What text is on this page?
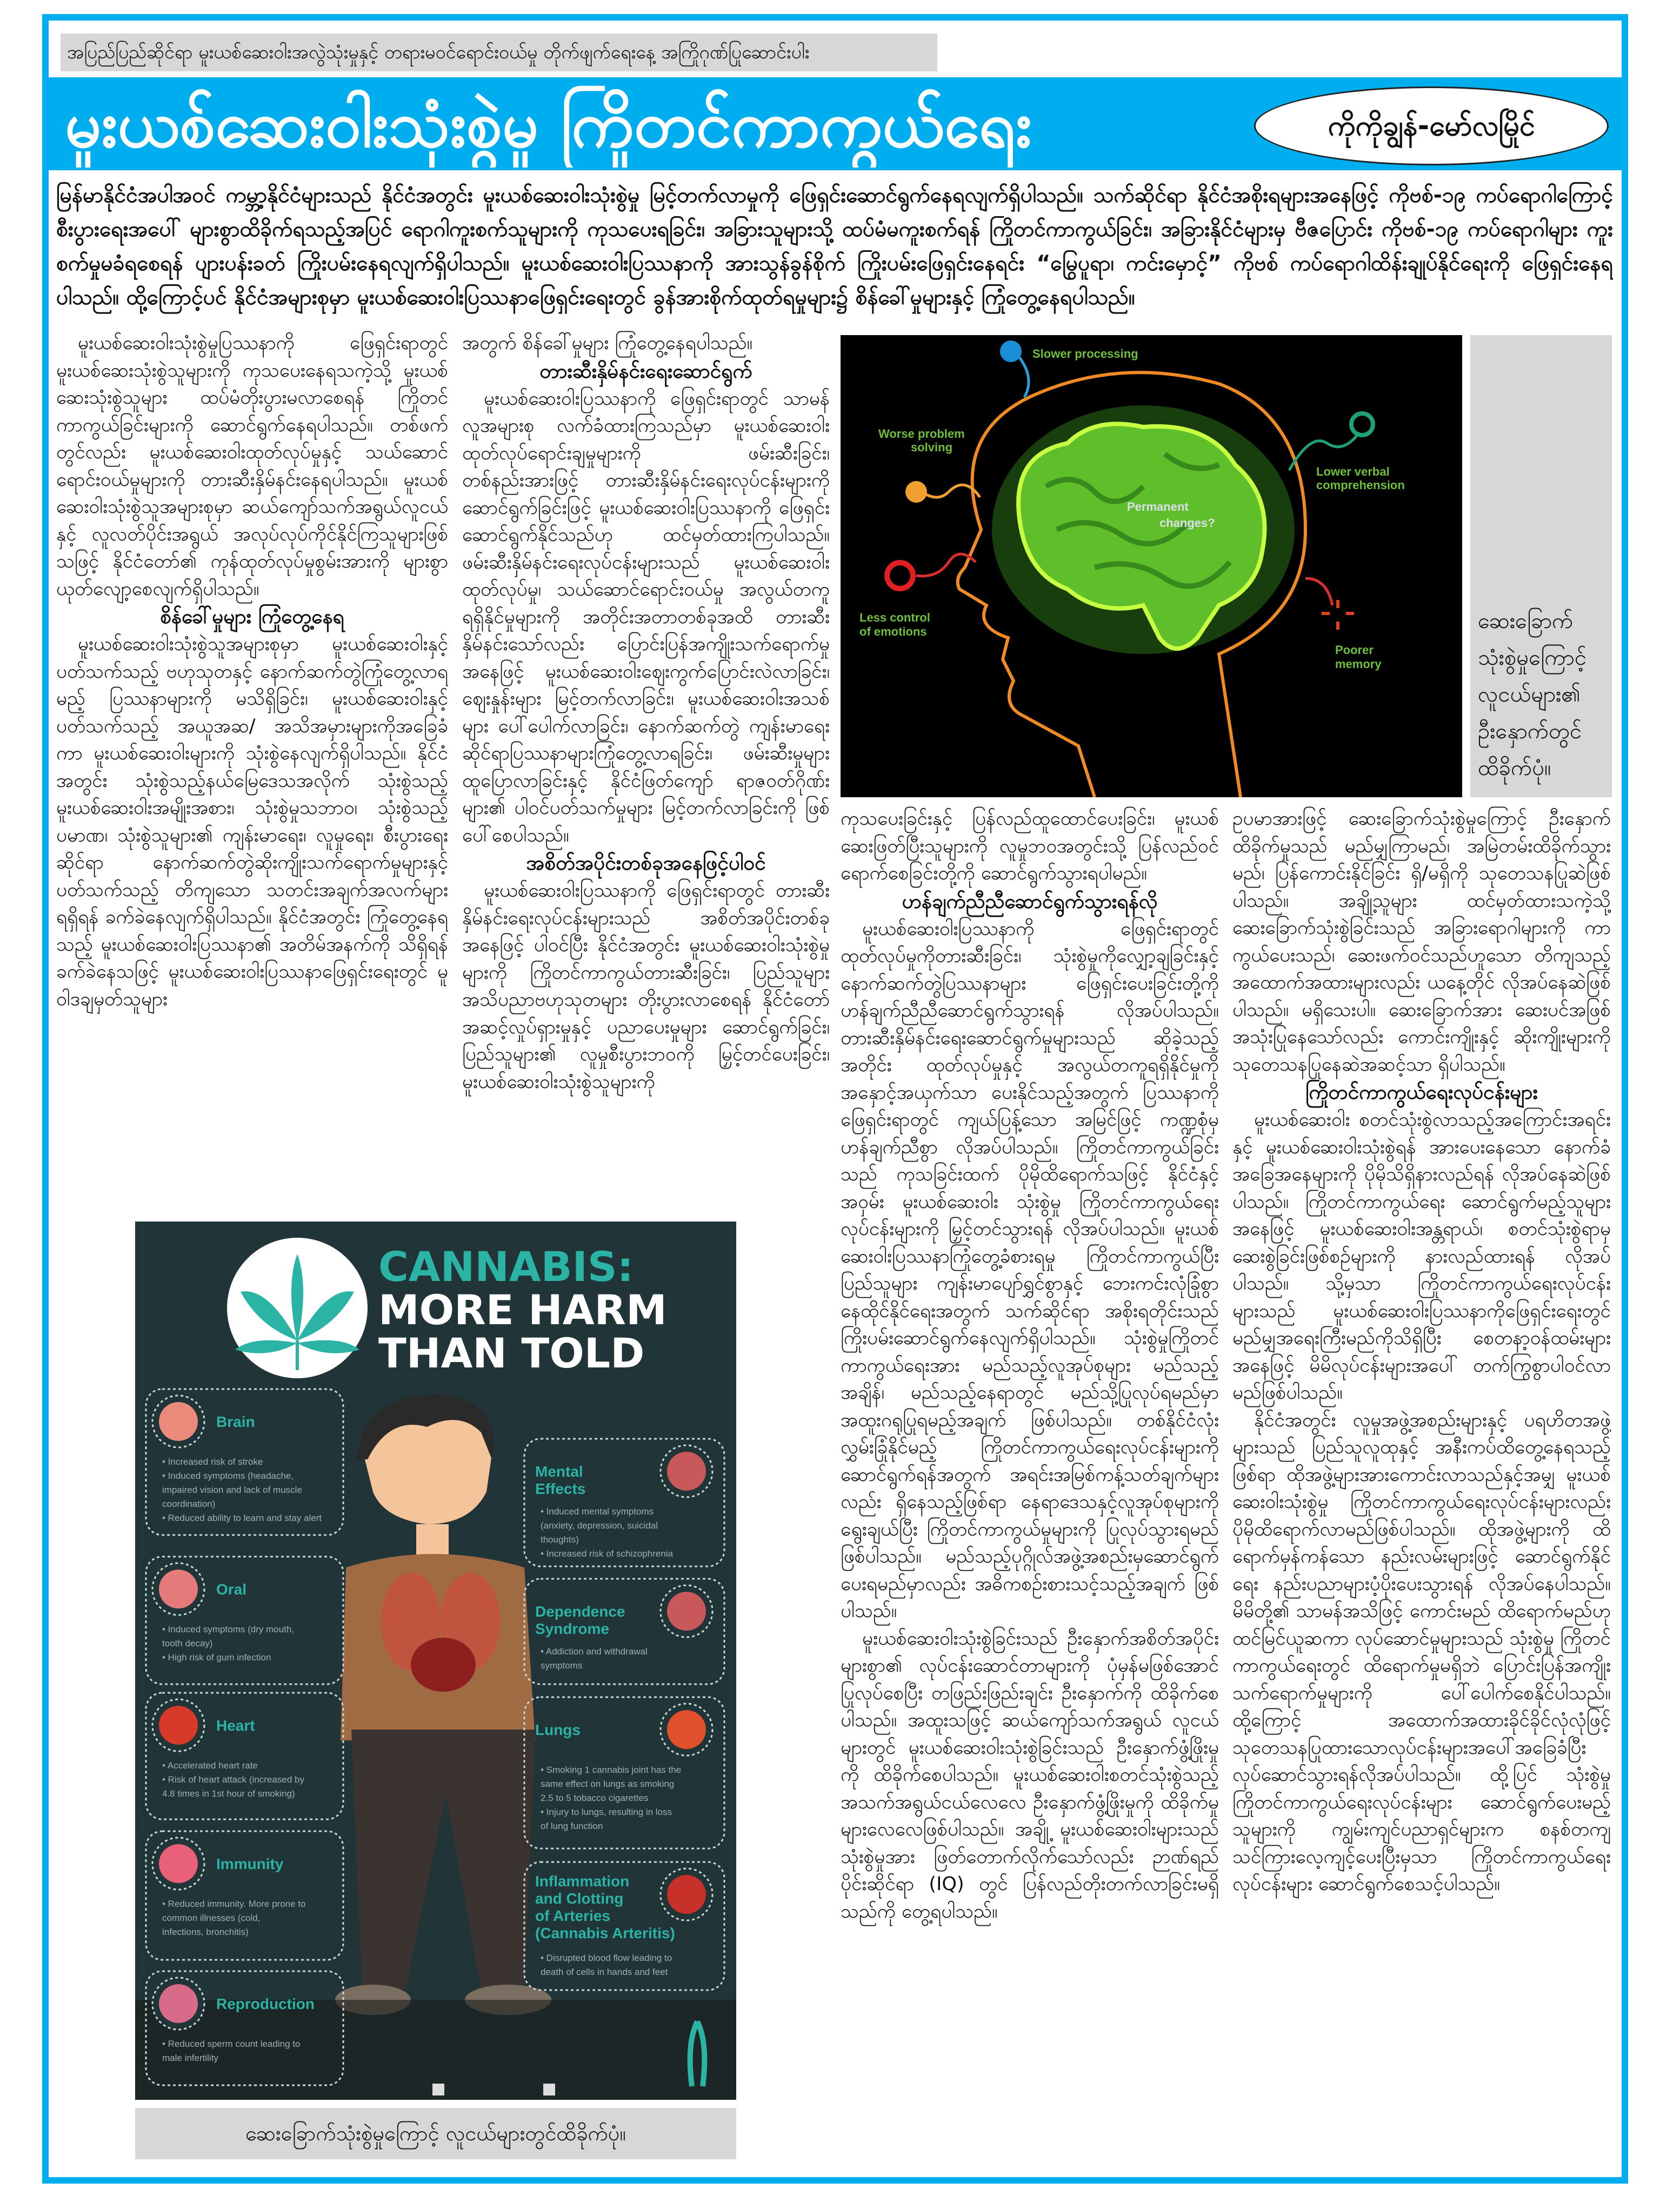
အပြည်ပြည်ဆိုင်ရာ မူးယစ်ဆေးဝါးအလွဲသုံးမှုနှင့် တရားမဝင်ရောင်းဝယ်မှု တိုက်ဖျက်ရေးနေ့ အကြိုဂုဏ်ပြုဆောင်းပါး
မူးယစ်ဆေးဝါးသုံးစွဲမှု ကြိုတင်ကာကွယ်ရေး	ကိုကိုချွန်-မော်လမြိုင်
မြန်မာနိုင်ငံအပါအဝင် ကမ္ဘာ့နိုင်ငံများသည် နိုင်ငံအတွင်း မူးယစ်ဆေးဝါးသုံးစွဲမှု မြင့်တက်လာမှုကို ဖြေရှင်းဆောင်ရွက်နေရလျက်ရှိပါသည်။ သက်ဆိုင်ရာ နိုင်ငံအစိုးရများအနေဖြင့် ကိုဗစ်-၁၉ ကပ်ရောဂါကြောင့် စီးပွားရေးအပေါ် များစွာထိခိုက်ရသည့်အပြင် ရောဂါကူးစက်သူများကို ကုသပေးရခြင်း၊ အခြားသူများသို့ ထပ်မံမကူးစက်ရန် ကြိုတင်ကာကွယ်ခြင်း၊ အခြားနိုင်ငံများမှ ဗီဇပြောင်း ကိုဗစ်-၁၉ ကပ်ရောဂါများ ကူးစက်မှုမခံရစေရန် ပျားပန်းခတ် ကြိုးပမ်းနေရလျက်ရှိပါသည်။ မူးယစ်ဆေးဝါးပြဿနာကို အားသွန်ခွန်စိုက် ကြိုးပမ်းဖြေရှင်းနေရင်း “မြွေပူရာ၊ ကင်းမှောင့်” ကိုဗစ် ကပ်ရောဂါထိန်းချုပ်နိုင်ရေးကို ဖြေရှင်းနေရပါသည်။ ထို့ကြောင့်ပင် နိုင်ငံအများစုမှာ မူးယစ်ဆေးဝါးပြဿနာဖြေရှင်းရေးတွင် ခွန်အားစိုက်ထုတ်ရမှုများ၌ စိန်ခေါ်မှုများနှင့် ကြုံတွေ့နေရပါသည်။

မူးယစ်ဆေးဝါးသုံးစွဲမှုပြဿနာကို ဖြေရှင်းရာတွင် မူးယစ်ဆေးသုံးစွဲသူများကို ကုသပေးနေရသကဲ့သို့ မူးယစ်ဆေးသုံးစွဲသူများ ထပ်မံတိုးပွားမလာစေရန် ကြိုတင်ကာကွယ်ခြင်းများကို ဆောင်ရွက်နေရပါသည်။ တစ်ဖက်တွင်လည်း မူးယစ်ဆေးဝါးထုတ်လုပ်မှုနှင့် သယ်ဆောင်ရောင်းဝယ်မှုများကို တားဆီးနှိမ်နင်းနေရပါသည်။ မူးယစ်ဆေးဝါးသုံးစွဲသူအများစုမှာ ဆယ်ကျော်သက်အရွယ်လူငယ်နှင့် လူလတ်ပိုင်းအရွယ် အလုပ်လုပ်ကိုင်နိုင်ကြသူများဖြစ်သဖြင့် နိုင်ငံတော်၏ ကုန်ထုတ်လုပ်မှုစွမ်းအားကို များစွာယုတ်လျော့စေလျက်ရှိပါသည်။

စိန်ခေါ်မှုများ ကြုံတွေ့နေရ

မူးယစ်ဆေးဝါးသုံးစွဲသူအများစုမှာ မူးယစ်ဆေးဝါးနှင့်ပတ်သက်သည့် ဗဟုသုတနှင့် နောက်ဆက်တွဲကြုံတွေ့လာရမည့် ပြဿနာများကို မသိရှိခြင်း၊ မူးယစ်ဆေးဝါးနှင့်ပတ်သက်သည့် အယူအဆ/ အသိအမှားများကိုအခြေခံကာ မူးယစ်ဆေးဝါးများကို သုံးစွဲနေလျက်ရှိပါသည်။ နိုင်ငံအတွင်း သုံးစွဲသည့်နယ်မြေဒေသအလိုက် သုံးစွဲသည့်မူးယစ်ဆေးဝါးအမျိုးအစား၊ သုံးစွဲမှုသဘာဝ၊ သုံးစွဲသည့်ပမာဏ၊ သုံးစွဲသူများ၏ ကျန်းမာရေး၊ လူမှုရေး၊ စီးပွားရေးဆိုင်ရာ နောက်ဆက်တွဲဆိုးကျိုးသက်ရောက်မှုများနှင့် ပတ်သက်သည့် တိကျသော သတင်းအချက်အလက်များရရှိရန် ခက်ခဲနေလျက်ရှိပါသည်။ နိုင်ငံအတွင်း ကြုံတွေ့နေရသည့် မူးယစ်ဆေးဝါးပြဿနာ၏ အတိမ်အနက်ကို သိရှိရန် ခက်ခဲနေသဖြင့် မူးယစ်ဆေးဝါးပြဿနာဖြေရှင်းရေးတွင် မူဝါဒချမှတ်သူများ

အတွက် စိန်ခေါ်မှုများ ကြုံတွေ့နေရပါသည်။

တားဆီးနှိမ်နင်းရေးဆောင်ရွက်

မူးယစ်ဆေးဝါးပြဿနာကို ဖြေရှင်းရာတွင် သာမန်လူအများစု လက်ခံထားကြသည်မှာ မူးယစ်ဆေးဝါးထုတ်လုပ်ရောင်းချမှုများကို ဖမ်းဆီးခြင်း၊ တစ်နည်းအားဖြင့် တားဆီးနှိမ်နင်းရေးလုပ်ငန်းများကို ဆောင်ရွက်ခြင်းဖြင့် မူးယစ်ဆေးဝါးပြဿနာကို ဖြေရှင်းဆောင်ရွက်နိုင်သည်ဟု ထင်မှတ်ထားကြပါသည်။ ဖမ်းဆီးနှိမ်နင်းရေးလုပ်ငန်းများသည် မူးယစ်ဆေးဝါးထုတ်လုပ်မှု၊ သယ်ဆောင်ရောင်းဝယ်မှု အလွယ်တကူရရှိနိုင်မှုများကို အတိုင်းအတာတစ်ခုအထိ တားဆီးနှိမ်နင်းသော်လည်း ပြောင်းပြန်အကျိုးသက်ရောက်မှုအနေဖြင့် မူးယစ်ဆေးဝါးဈေးကွက်ပြောင်းလဲလာခြင်း၊ ဈေးနှုန်းများ မြင့်တက်လာခြင်း၊ မူးယစ်ဆေးဝါးအသစ်များ ပေါ်ပေါက်လာခြင်း၊ နောက်ဆက်တွဲ ကျန်းမာရေးဆိုင်ရာပြဿနာများကြုံတွေ့လာရခြင်း၊ ဖမ်းဆီးမှုများထူပြောလာခြင်းနှင့် နိုင်ငံဖြတ်ကျော် ရာဇဝတ်ဂိုဏ်းများ၏ ပါဝင်ပတ်သက်မှုများ မြင့်တက်လာခြင်းကို ဖြစ်ပေါ်စေပါသည်။

အစိတ်အပိုင်းတစ်ခုအနေဖြင့်ပါဝင်

မူးယစ်ဆေးဝါးပြဿနာကို ဖြေရှင်းရာတွင် တားဆီးနှိမ်နင်းရေးလုပ်ငန်းများသည် အစိတ်အပိုင်းတစ်ခုအနေဖြင့် ပါဝင်ပြီး နိုင်ငံအတွင်း မူးယစ်ဆေးဝါးသုံးစွဲမှုများကို ကြိုတင်ကာကွယ်တားဆီးခြင်း၊ ပြည်သူများအသိပညာဗဟုသုတများ တိုးပွားလာစေရန် နိုင်ငံတော်အဆင့်လှုပ်ရှားမှုနှင့် ပညာပေးမှုများ ဆောင်ရွက်ခြင်း၊ ပြည်သူများ၏ လူမှုစီးပွားဘဝကို မြှင့်တင်ပေးခြင်း၊ မူးယစ်ဆေးဝါးသုံးစွဲသူများကို

ကုသပေးခြင်းနှင့် ပြန်လည်ထူထောင်ပေးခြင်း၊ မူးယစ်ဆေးဖြတ်ပြီးသူများကို လူမှုဘဝအတွင်းသို့ ပြန်လည်ဝင်ရောက်စေခြင်းတို့ကို ဆောင်ရွက်သွားရပါမည်။

ဟန်ချက်ညီညီဆောင်ရွက်သွားရန်လို

မူးယစ်ဆေးဝါးပြဿနာကို ဖြေရှင်းရာတွင် ထုတ်လုပ်မှုကိုတားဆီးခြင်း၊ သုံးစွဲမှုကိုလျှော့ချခြင်းနှင့် နောက်ဆက်တွဲပြဿနာများ ဖြေရှင်းပေးခြင်းတို့ကို ဟန်ချက်ညီညီဆောင်ရွက်သွားရန် လိုအပ်ပါသည်။ တားဆီးနှိမ်နင်းရေးဆောင်ရွက်မှုများသည် ဆိုခဲ့သည့်အတိုင်း ထုတ်လုပ်မှုနှင့် အလွယ်တကူရရှိနိုင်မှုကို အနှောင့်အယှက်သာ ပေးနိုင်သည့်အတွက် ပြဿနာကိုဖြေရှင်းရာတွင် ကျယ်ပြန့်သော အမြင်ဖြင့် ကဏ္ဍစုံမှ ဟန်ချက်ညီစွာ လိုအပ်ပါသည်။ ကြိုတင်ကာကွယ်ခြင်းသည် ကုသခြင်းထက် ပိုမိုထိရောက်သဖြင့် နိုင်ငံနှင့်အဝှမ်း မူးယစ်ဆေးဝါး သုံးစွဲမှု ကြိုတင်ကာကွယ်ရေးလုပ်ငန်းများကို မြှင့်တင်သွားရန် လိုအပ်ပါသည်။ မူးယစ်ဆေးဝါးပြဿနာကြုံတွေ့ခံစားရမှု ကြိုတင်ကာကွယ်ပြီး ပြည်သူများ ကျန်းမာပျော်ရွှင်စွာနှင့် ဘေးကင်းလုံခြုံစွာနေထိုင်နိုင်ရေးအတွက် သက်ဆိုင်ရာ အစိုးရတိုင်းသည် ကြိုးပမ်းဆောင်ရွက်နေလျက်ရှိပါသည်။ သုံးစွဲမှုကြိုတင်ကာကွယ်ရေးအား မည်သည့်လူအုပ်စုများ မည်သည့်အချိန်၊ မည်သည့်နေရာတွင် မည်သို့ပြုလုပ်ရမည်မှာ အထူးဂရုပြုရမည့်အချက် ဖြစ်ပါသည်။ တစ်နိုင်ငံလုံး လွှမ်းခြုံနိုင်မည့် ကြိုတင်ကာကွယ်ရေးလုပ်ငန်းများကို ဆောင်ရွက်ရန်အတွက် အရင်းအမြစ်ကန့်သတ်ချက်များလည်း ရှိနေသည့်ဖြစ်ရာ နေရာဒေသနှင့်လူအုပ်စုများကို ရွေးချယ်ပြီး ကြိုတင်ကာကွယ်မှုများကို ပြုလုပ်သွားရမည် ဖြစ်ပါသည်။ မည်သည့်ပုဂ္ဂိုလ်အဖွဲ့အစည်းမှဆောင်ရွက်ပေးရမည်မှာလည်း အဓိကစဉ်းစားသင့်သည့်အချက် ဖြစ်ပါသည်။

မူးယစ်ဆေးဝါးသုံးစွဲခြင်းသည် ဦးနှောက်အစိတ်အပိုင်းများစွာ၏ လုပ်ငန်းဆောင်တာများကို ပုံမှန်မဖြစ်အောင် ပြုလုပ်စေပြီး တဖြည်းဖြည်းချင်း ဦးနှောက်ကို ထိခိုက်စေပါသည်။ အထူးသဖြင့် ဆယ်ကျော်သက်အရွယ် လူငယ်များတွင် မူးယစ်ဆေးဝါးသုံးစွဲခြင်းသည် ဦးနှောက်ဖွံ့ဖြိုးမှုကို ထိခိုက်စေပါသည်။ မူးယစ်ဆေးဝါးစတင်သုံးစွဲသည့် အသက်အရွယ်ငယ်လေလေ ဦးနှောက်ဖွံ့ဖြိုးမှုကို ထိခိုက်မှုများလေလေဖြစ်ပါသည်။ အချို့ မူးယစ်ဆေးဝါးများသည် သုံးစွဲမှုအား ဖြတ်တောက်လိုက်သော်လည်း ဉာဏ်ရည်ပိုင်းဆိုင်ရာ (IQ) တွင် ပြန်လည်တိုးတက်လာခြင်းမရှိသည်ကို တွေ့ရပါသည်။

ဥပမာအားဖြင့် ဆေးခြောက်သုံးစွဲမှုကြောင့် ဦးနှောက်ထိခိုက်မှုသည် မည်မျှကြာမည်၊ အမြဲတမ်းထိခိုက်သွားမည်၊ ပြန်ကောင်းနိုင်ခြင်း ရှိ/မရှိကို သုတေသနပြုဆဲဖြစ်ပါသည်။ အချို့သူများ ထင်မှတ်ထားသကဲ့သို့ ဆေးခြောက်သုံးစွဲခြင်းသည် အခြားရောဂါများကို ကာကွယ်ပေးသည်၊ ဆေးဖက်ဝင်သည်ဟူသော တိကျသည့်အထောက်အထားများလည်း ယနေ့တိုင် လိုအပ်နေဆဲဖြစ်ပါသည်။ မရှိသေးပါ။ ဆေးခြောက်အား ဆေးပင်အဖြစ်အသုံးပြုနေသော်လည်း ကောင်းကျိုးနှင့် ဆိုးကျိုးများကို သုတေသနပြုနေဆဲအဆင့်သာ ရှိပါသည်။

ကြိုတင်ကာကွယ်ရေးလုပ်ငန်းများ

မူးယစ်ဆေးဝါး စတင်သုံးစွဲလာသည့်အကြောင်းအရင်းနှင့် မူးယစ်ဆေးဝါးသုံးစွဲရန် အားပေးနေသော နောက်ခံအခြေအနေများကို ပိုမိုသိရှိနားလည်ရန် လိုအပ်နေဆဲဖြစ်ပါသည်။ ကြိုတင်ကာကွယ်ရေး ဆောင်ရွက်မည့်သူများအနေဖြင့် မူးယစ်ဆေးဝါးအန္တရာယ်၊ စတင်သုံးစွဲရာမှ ဆေးစွဲခြင်းဖြစ်စဉ်များကို နားလည်ထားရန် လိုအပ်ပါသည်။ သို့မှသာ ကြိုတင်ကာကွယ်ရေးလုပ်ငန်းများသည် မူးယစ်ဆေးဝါးပြဿနာကိုဖြေရှင်းရေးတွင် မည်မျှအရေးကြီးမည်ကိုသိရှိပြီး စေတနာ့ဝန်ထမ်းများအနေဖြင့် မိမိလုပ်ငန်းများအပေါ် တက်ကြွစွာပါဝင်လာမည်ဖြစ်ပါသည်။

နိုင်ငံအတွင်း လူမှုအဖွဲ့အစည်းများနှင့် ပရဟိတအဖွဲ့များသည် ပြည်သူလူထုနှင့် အနီးကပ်ထိတွေ့နေရသည့်ဖြစ်ရာ ထိုအဖွဲ့များအားကောင်းလာသည်နှင့်အမျှ မူးယစ်ဆေးဝါးသုံးစွဲမှု ကြိုတင်ကာကွယ်ရေးလုပ်ငန်းများလည်း ပိုမိုထိရောက်လာမည်ဖြစ်ပါသည်။ ထိုအဖွဲ့များကို ထိရောက်မှန်ကန်သော နည်းလမ်းများဖြင့် ဆောင်ရွက်နိုင်ရေး နည်းပညာများပံ့ပိုးပေးသွားရန် လိုအပ်နေပါသည်။ မိမိတို့၏ သာမန်အသိဖြင့် ကောင်းမည် ထိရောက်မည်ဟု ထင်မြင်ယူဆကာ လုပ်ဆောင်မှုများသည် သုံးစွဲမှု ကြိုတင်ကာကွယ်ရေးတွင် ထိရောက်မှုမရှိဘဲ ပြောင်းပြန်အကျိုးသက်ရောက်မှုများကို ပေါ်ပေါက်စေနိုင်ပါသည်။ ထို့ကြောင့် အထောက်အထားခိုင်ခိုင်လုံလုံဖြင့် သုတေသနပြုထားသောလုပ်ငန်းများအပေါ်အခြေခံပြီး လုပ်ဆောင်သွားရန်လိုအပ်ပါသည်။ ထို့ပြင် သုံးစွဲမှုကြိုတင်ကာကွယ်ရေးလုပ်ငန်းများ ဆောင်ရွက်ပေးမည့်သူများကို ကျွမ်းကျင်ပညာရှင်များက စနစ်တကျ သင်ကြားလေ့ကျင့်ပေးပြီးမှသာ ကြိုတင်ကာကွယ်ရေးလုပ်ငန်းများ ဆောင်ရွက်စေသင့်ပါသည်။

Permanent
changes?
Slower processing
Worse problem
solving
Lower verbal
comprehension
Less control
of emotions
Poorer
memory
ဆေးခြောက် သုံးစွဲမှုကြောင့် လူငယ်များ၏ ဦးနှောက်တွင် ထိခိုက်ပုံ။
CANNABIS:
MORE HARM
THAN TOLD
Brain
• Increased risk of stroke
• Induced symptoms (headache,
impaired vision and lack of muscle
coordination)
• Reduced ability to learn and stay alert
Oral
• Induced symptoms (dry mouth,
tooth decay)
• High risk of gum infection
Heart
• Accelerated heart rate
• Risk of heart attack (increased by
4.8 times in 1st hour of smoking)
Immunity
• Reduced immunity. More prone to
common illnesses (cold,
infections, bronchitis)
Reproduction
• Reduced sperm count leading to
male infertility
Mental
Effects
• Induced mental symptoms
(anxiety, depression, suicidal
thoughts)
• Increased risk of schizophrenia
Dependence
Syndrome
• Addiction and withdrawal
symptoms
Lungs
• Smoking 1 cannabis joint has the
same effect on lungs as smoking
2.5 to 5 tobacco cigarettes
• Injury to lungs, resulting in loss
of lung function
Inflammation
and Clotting
of Arteries
(Cannabis Arteritis)
• Disrupted blood flow leading to
death of cells in hands and feet
ဆေးခြောက်သုံးစွဲမှုကြောင့် လူငယ်များတွင်ထိခိုက်ပုံ။
